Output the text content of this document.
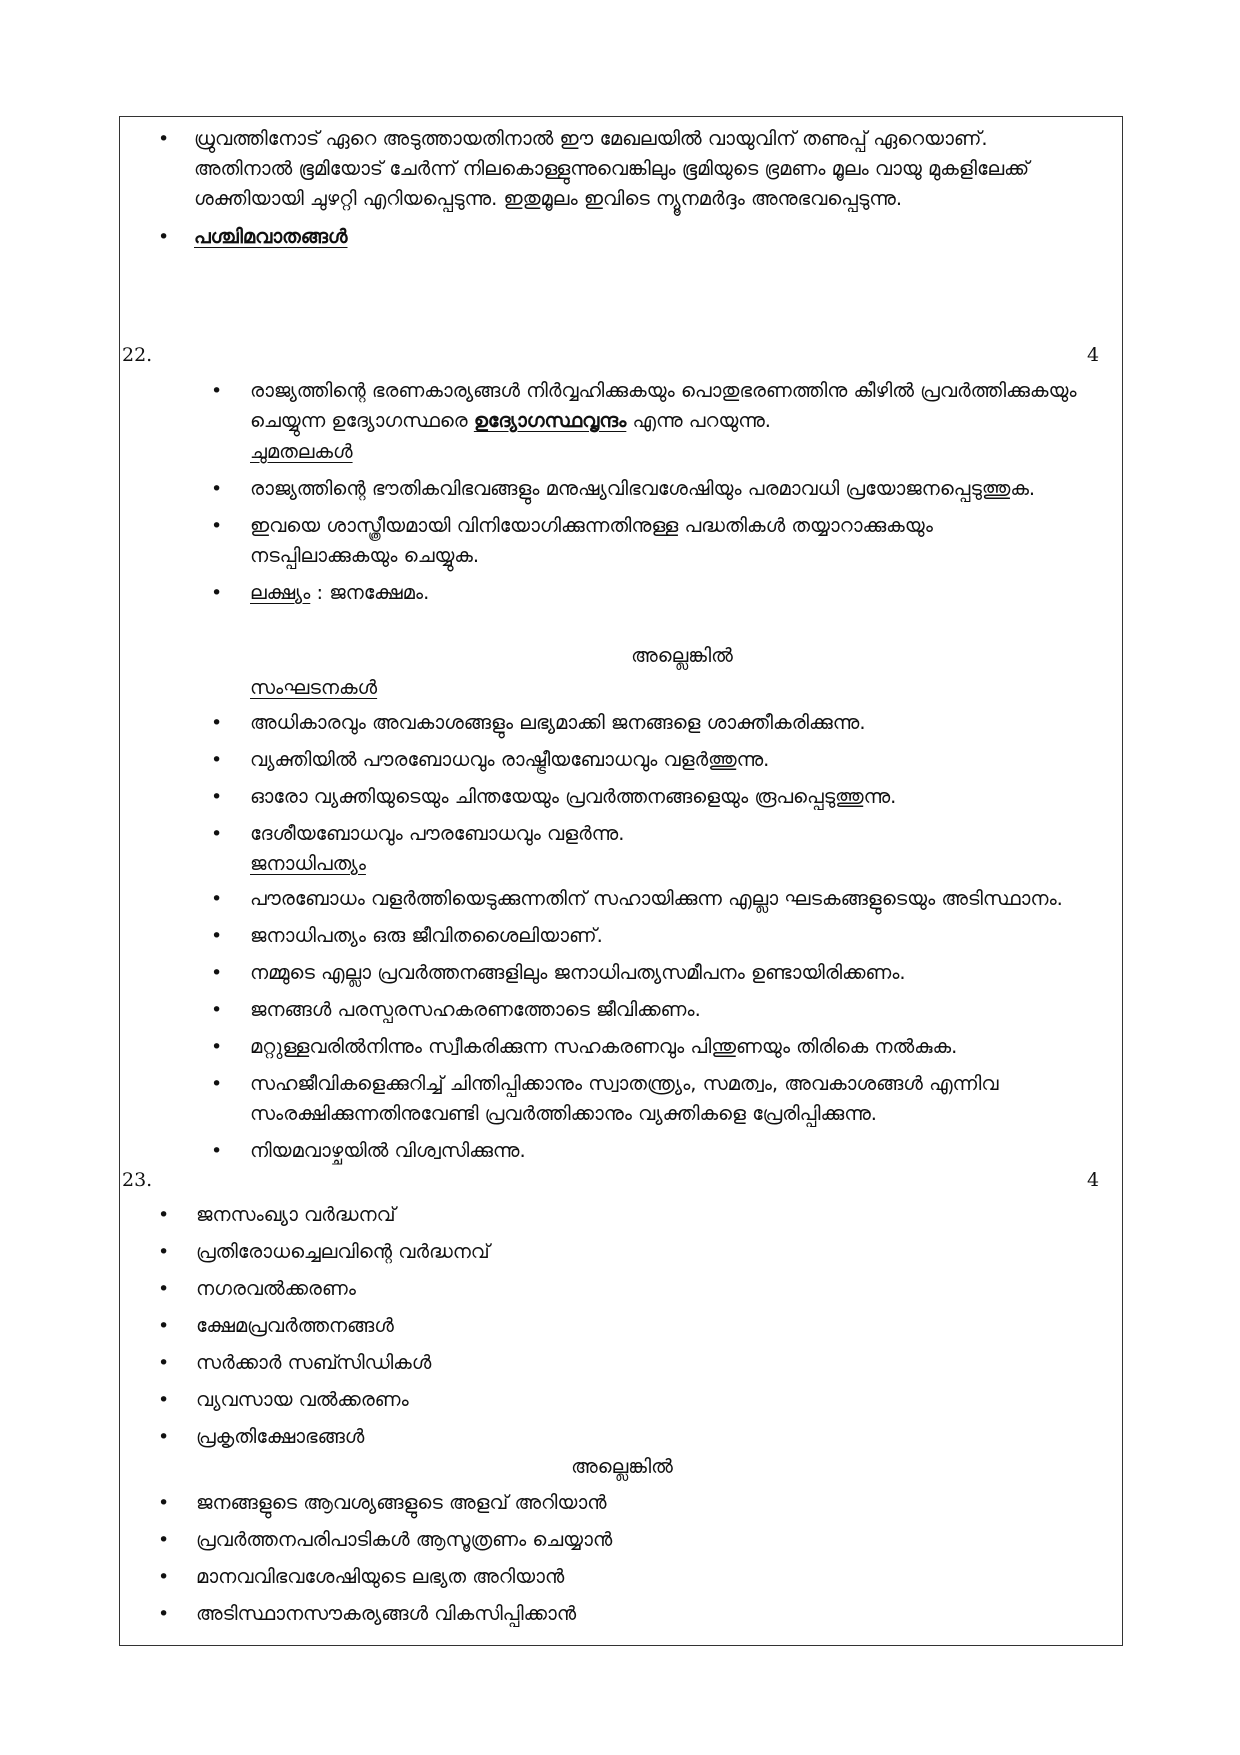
• ധ്രുവത്തിനോട് ഏറെ അടുത്തായതിനാൽ ഈ മേഖലയിൽ വായുവിന് തണുപ്പ് ഏറെയാണ്.
അതിനാൽ ഭൂമിയോട് ചേർന്ന് നിലകൊള്ളുന്നുവെങ്കിലും ഭൂമിയുടെ ഭ്രമണം മൂലം വായു മുകളിലേക്ക്
ശക്തിയായി ചുഴറ്റി എറിയപ്പെടുന്നു. ഇതുമൂലം ഇവിടെ ന്യൂനമർദ്ദം അനുഭവപ്പെടുന്നു.
• പശ്ചിമവാതങ്ങൾ
22.	4
• രാജ്യത്തിന്റെ ഭരണകാര്യങ്ങൾ നിർവ്വഹിക്കുകയും പൊതുഭരണത്തിനു കീഴിൽ പ്രവർത്തിക്കുകയും
ചെയ്യുന്ന ഉദ്യോഗസ്ഥരെ ഉദ്യോഗസ്ഥവൃന്ദം എന്നു പറയുന്നു.
ചുമതലകൾ
• രാജ്യത്തിന്റെ ഭൗതികവിഭവങ്ങളും മനുഷ്യവിഭവശേഷിയും പരമാവധി പ്രയോജനപ്പെടുത്തുക.
• ഇവയെ ശാസ്ത്രീയമായി വിനിയോഗിക്കുന്നതിനുള്ള പദ്ധതികൾ തയ്യാറാക്കുകയും
നടപ്പിലാക്കുകയും ചെയ്യുക.
• ലക്ഷ്യം : ജനക്ഷേമം.
അല്ലെങ്കിൽ
സംഘടനകൾ
• അധികാരവും അവകാശങ്ങളും ലഭ്യമാക്കി ജനങ്ങളെ ശാക്തീകരിക്കുന്നു.
• വ്യക്തിയിൽ പൗരബോധവും രാഷ്ട്രീയബോധവും വളർത്തുന്നു.
• ഓരോ വ്യക്തിയുടെയും ചിന്തയേയും പ്രവർത്തനങ്ങളെയും രൂപപ്പെടുത്തുന്നു.
• ദേശീയബോധവും പൗരബോധവും വളർന്നു.
ജനാധിപത്യം
• പൗരബോധം വളർത്തിയെടുക്കുന്നതിന് സഹായിക്കുന്ന എല്ലാ ഘടകങ്ങളുടെയും അടിസ്ഥാനം.
• ജനാധിപത്യം ഒരു ജീവിതശൈലിയാണ്.
• നമ്മുടെ എല്ലാ പ്രവർത്തനങ്ങളിലും ജനാധിപത്യസമീപനം ഉണ്ടായിരിക്കണം.
• ജനങ്ങൾ പരസ്പരസഹകരണത്തോടെ ജീവിക്കണം.
• മറ്റുള്ളവരിൽനിന്നും സ്വീകരിക്കുന്ന സഹകരണവും പിന്തുണയും തിരികെ നൽകുക.
• സഹജീവികളെക്കുറിച്ച് ചിന്തിപ്പിക്കാനും സ്വാതന്ത്ര്യം, സമത്വം, അവകാശങ്ങൾ എന്നിവ
സംരക്ഷിക്കുന്നതിനുവേണ്ടി പ്രവർത്തിക്കാനും വ്യക്തികളെ പ്രേരിപ്പിക്കുന്നു.
• നിയമവാഴ്ചയിൽ വിശ്വസിക്കുന്നു.
23.	4
• ജനസംഖ്യാ വർദ്ധനവ്
• പ്രതിരോധച്ചെലവിന്റെ വർദ്ധനവ്
• നഗരവൽക്കരണം
• ക്ഷേമപ്രവർത്തനങ്ങൾ
• സർക്കാർ സബ്സിഡികൾ
• വ്യവസായ വൽക്കരണം
• പ്രകൃതിക്ഷോഭങ്ങൾ
അല്ലെങ്കിൽ
• ജനങ്ങളുടെ ആവശ്യങ്ങളുടെ അളവ് അറിയാൻ
• പ്രവർത്തനപരിപാടികൾ ആസൂത്രണം ചെയ്യാൻ
• മാനവവിഭവശേഷിയുടെ ലഭ്യത അറിയാൻ
• അടിസ്ഥാനസൗകര്യങ്ങൾ വികസിപ്പിക്കാൻ
